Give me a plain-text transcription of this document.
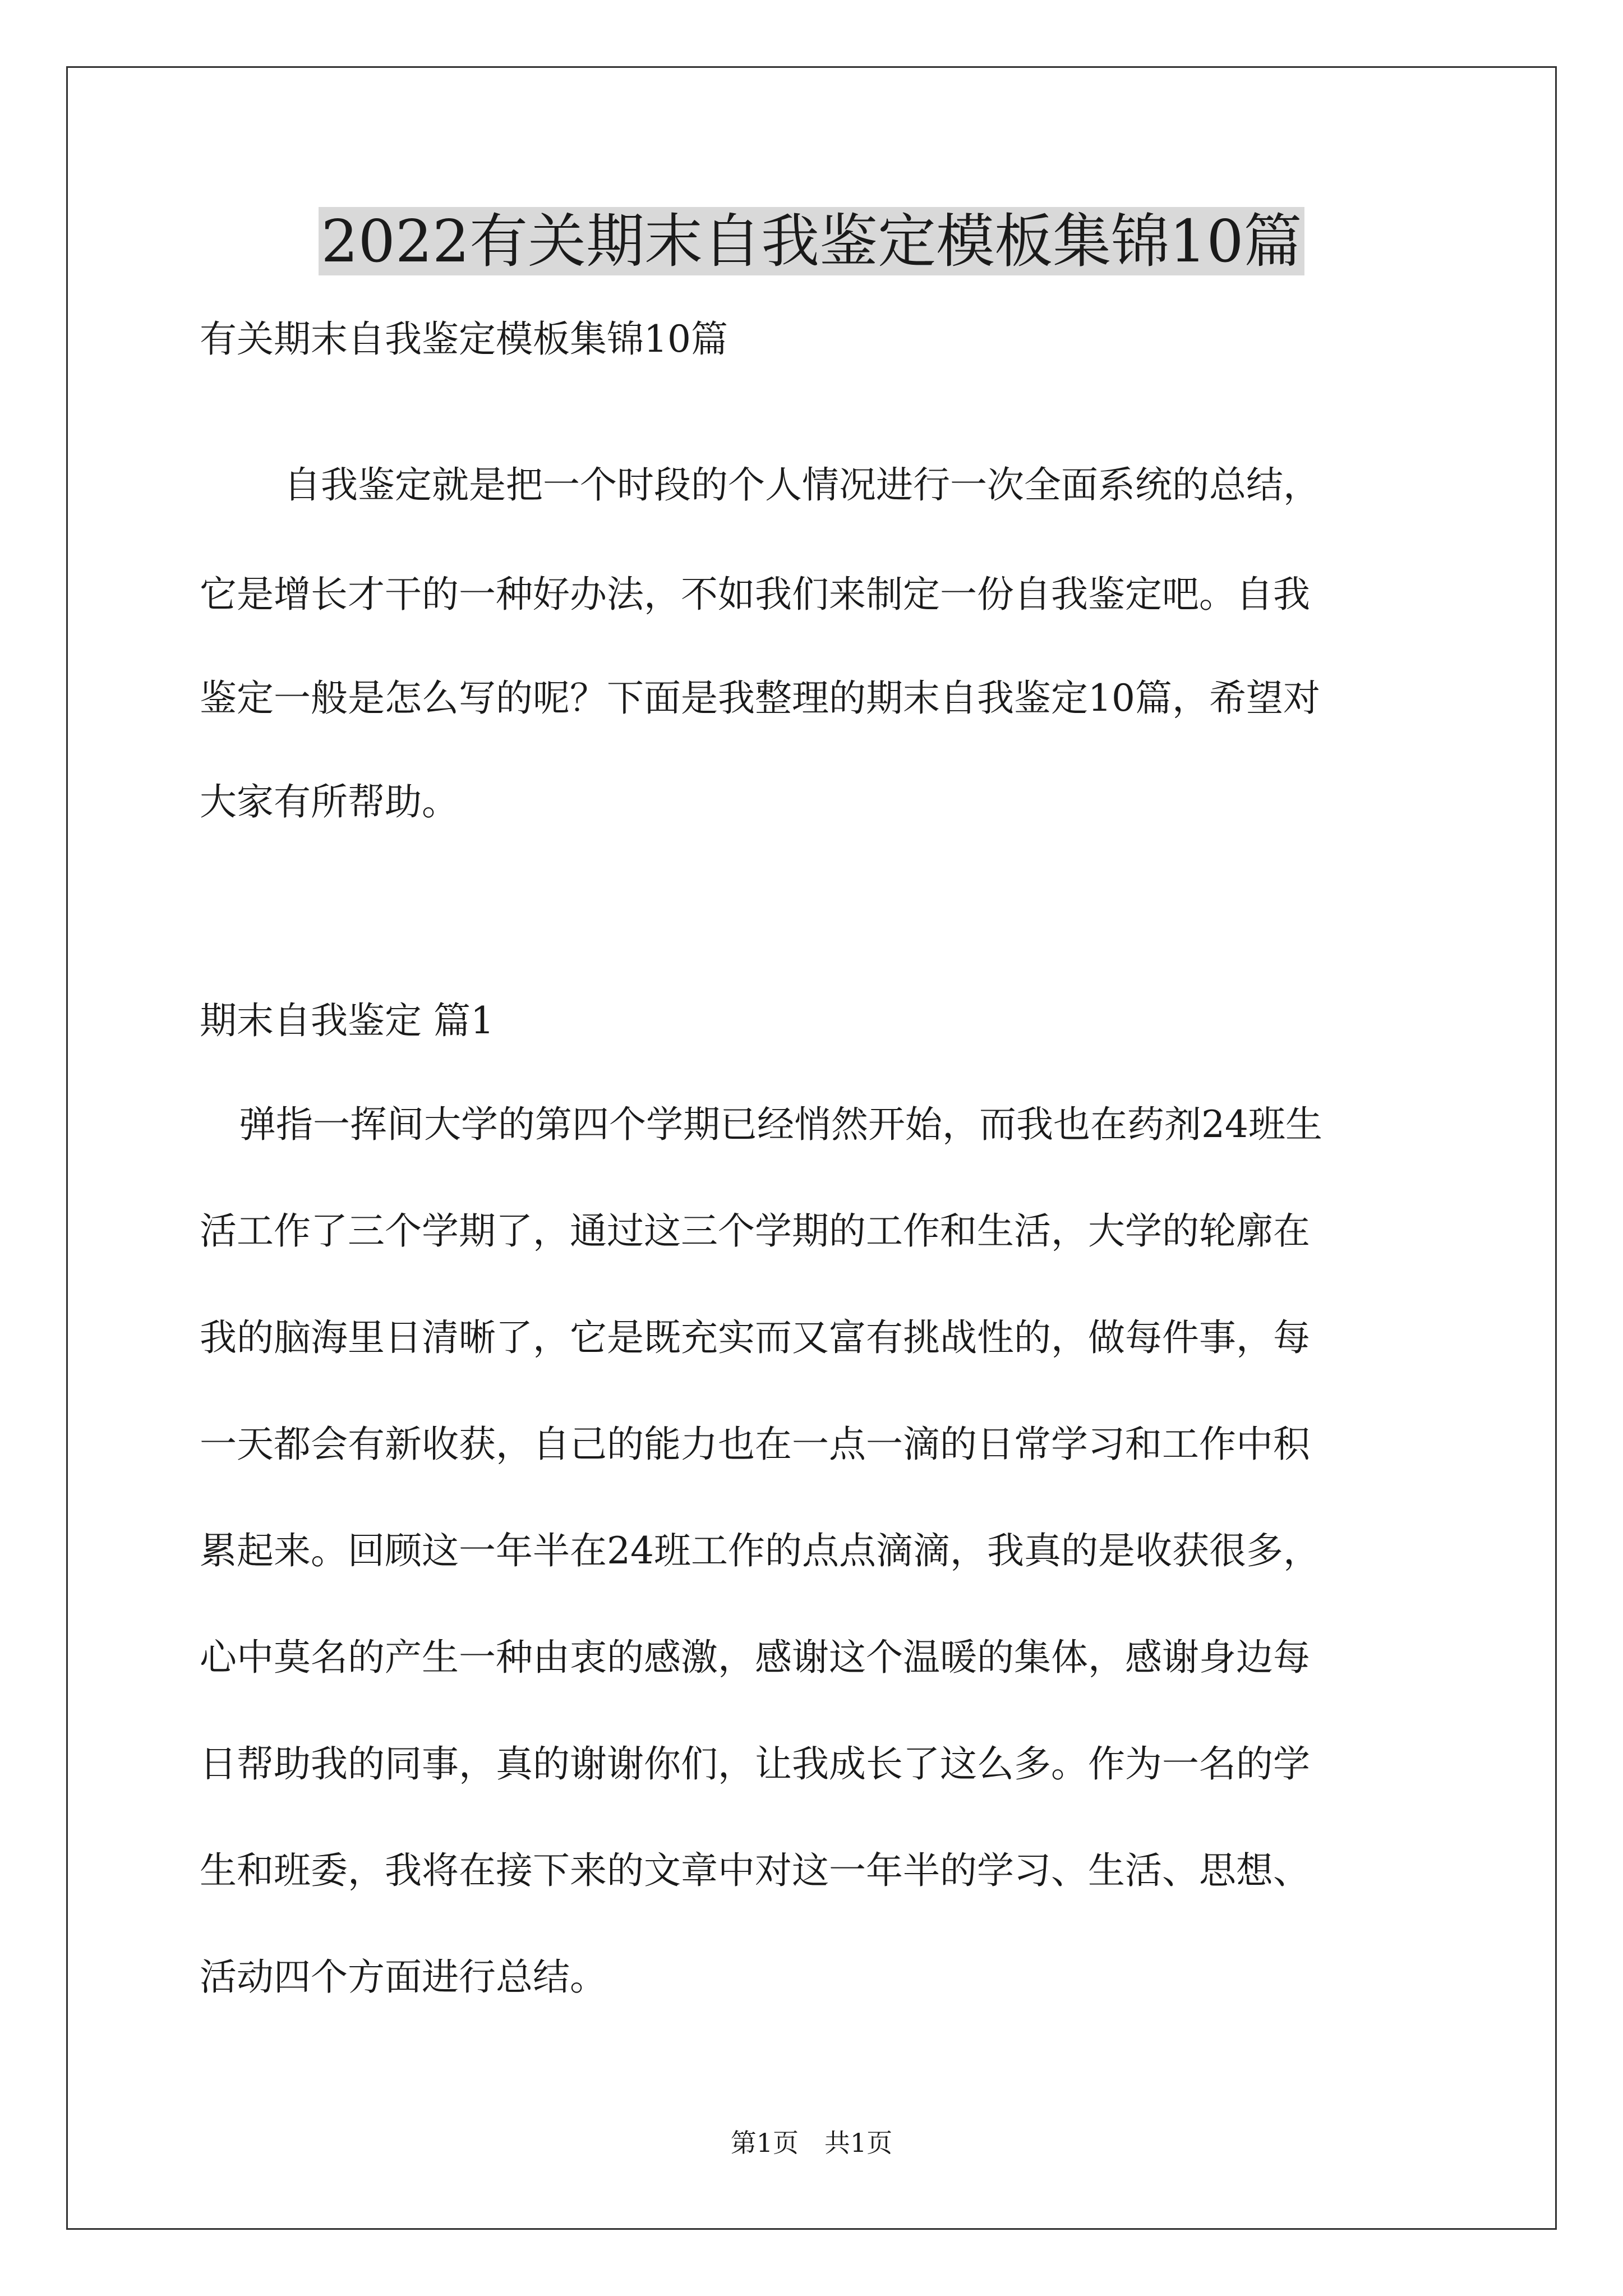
2022有关期末自我鉴定模板集锦10篇
有关期末自我鉴定模板集锦10篇
自我鉴定就是把一个时段的个人情况进行一次全面系统的总结，
它是增长才干的一种好办法，不如我们来制定一份自我鉴定吧。自我
鉴定一般是怎么写的呢？下面是我整理的期末自我鉴定10篇，希望对
大家有所帮助。
期末自我鉴定 篇1
弹指一挥间大学的第四个学期已经悄然开始，而我也在药剂24班生
活工作了三个学期了，通过这三个学期的工作和生活，大学的轮廓在
我的脑海里日清晰了，它是既充实而又富有挑战性的，做每件事，每
一天都会有新收获，自己的能力也在一点一滴的日常学习和工作中积
累起来。回顾这一年半在24班工作的点点滴滴，我真的是收获很多，
心中莫名的产生一种由衷的感激，感谢这个温暖的集体，感谢身边每
日帮助我的同事，真的谢谢你们，让我成长了这么多。作为一名的学
生和班委，我将在接下来的文章中对这一年半的学习、生活、思想、
活动四个方面进行总结。
第1页　共1页
